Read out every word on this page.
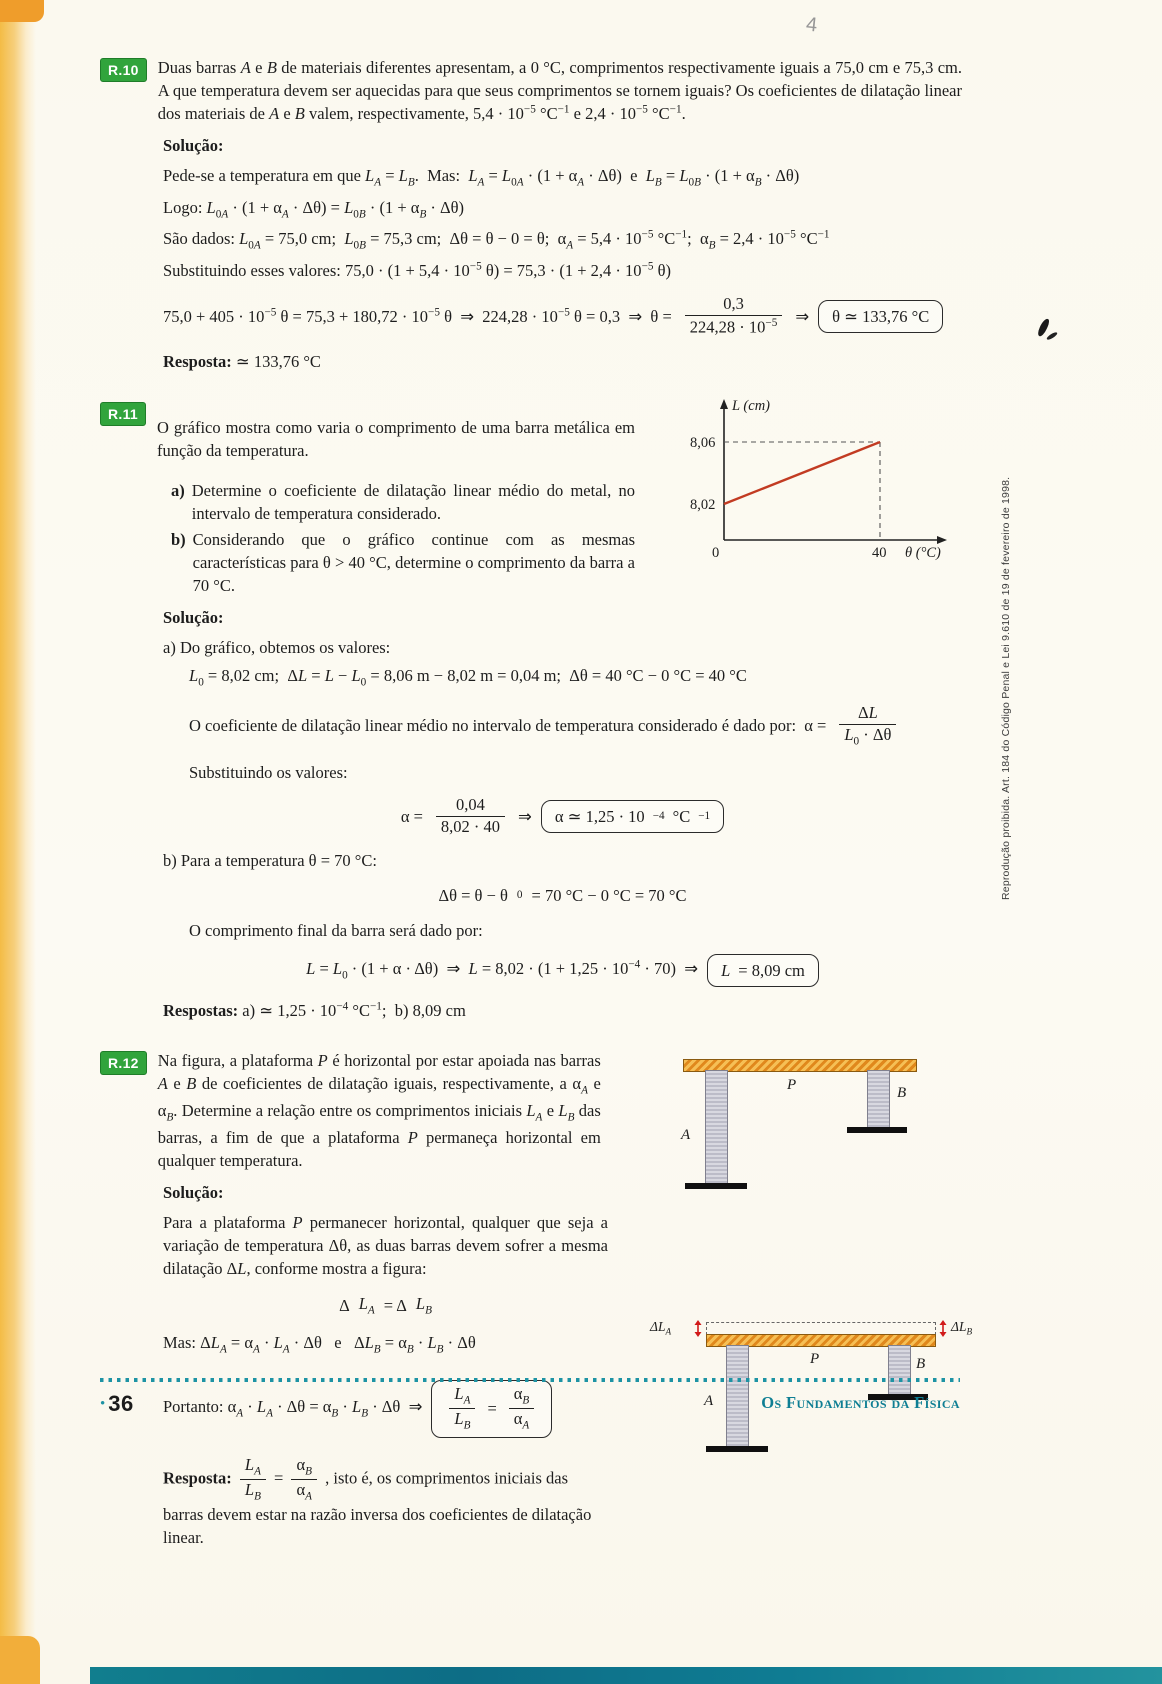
4
R.10	Duas barras A e B de materiais diferentes apresentam, a 0 °C, comprimentos respectivamente iguais a 75,0 cm e 75,3 cm. A que temperatura devem ser aquecidas para que seus comprimentos se tornem iguais? Os coeficientes de dilatação linear dos materiais de A e B valem, respectivamente, $5,4 \cdot 10^{-5}$ $^\circ C^{-1}$ e $2,4 \cdot 10^{-5}$ $^\circ C^{-1}$.

Solução:

Pede-se a temperatura em que $L_A = L_B$.  Mas:  $L_A = L_{0A} \cdot (1 + \alpha_A \cdot \Delta\theta)$  e  $L_B = L_{0B} \cdot (1 + \alpha_B \cdot \Delta\theta)$

Logo: $L_{0A} \cdot (1 + \alpha_A \cdot \Delta\theta) = L_{0B} \cdot (1 + \alpha_B \cdot \Delta\theta)$

São dados: $L_{0A} = 75,0$ cm;  $L_{0B} = 75,3$ cm;  Δθ = θ − 0 = θ;  $\alpha_A = 5,4 \cdot 10^{-5}$ $^\circ C^{-1}$;  $\alpha_B = 2,4 \cdot 10^{-5}$ $^\circ C^{-1}$

Substituindo esses valores: $75,0 \cdot (1 + 5,4 \cdot 10^{-5}$ $\theta) = 75,3 \cdot (1 + 2,4 \cdot 10^{-5}$ θ)

$75,0 + 405 \cdot 10^{-5}$ $\theta = 75,3 + 180,72 \cdot 10^{-5}$ θ  ⇒  $224,28 \cdot 10^{-5}$ θ = 0,3  ⇒  $\theta = \frac{0,3}{224,28 \cdot 10^{-5}}$ ⇒	θ ≃ 133,76 °C

Resposta: ≃ 133,76 °C

R.11

O gráfico mostra como varia o comprimento de uma barra metálica em função da temperatura.

a) Determine o coeficiente de dilatação linear médio do metal, no intervalo de temperatura considerado.
b) Considerando que o gráfico continue com as mesmas características para θ > 40 °C, determine o comprimento da barra a 70 °C.
L (cm)
8,06
8,02
0	40 θ (°C)

Solução:

a) Do gráfico, obtemos os valores:

$L_0 = 8,02$ cm;  $\Delta L = L - L_0 = 8,06$ m − 8,02 m = 0,04 m;  Δθ = 40 °C − 0 °C = 40 °C

O coeficiente de dilatação linear médio no intervalo de temperatura considerado é dado por:  $\alpha = \frac{\Delta L}{L_0 \cdot \Delta\theta}$

Substituindo os valores:

$\alpha = \frac{0,04}{8,02 \cdot 40}$ ⇒	α ≃ 1,25 · 10 −4 °C −1

b) Para a temperatura θ = 70 °C:

Δθ = θ − θ 0 = 70 °C − 0 °C = 70 °C

O comprimento final da barra será dado por:

$L = L_0 \cdot (1 + \alpha \cdot \Delta\theta)$  ⇒  $L = 8,02 \cdot (1 + 1,25 \cdot 10^{-4} \cdot 70)$  ⇒ L = 8,09 cm

Respostas: a) ≃ $1,25 \cdot 10^{-4}$ $^\circ C^{-1}$;  b) 8,09 cm

R.12	Na figura, a plataforma P é horizontal por estar apoiada nas barras A e B de coeficientes de dilatação iguais, respectivamente, a $\alpha_A$ e $\alpha_B$. Determine a relação entre os comprimentos iniciais $L_A$ e $L_B$ das barras, a fim de que a plataforma P permaneça horizontal em qualquer temperatura.
P
A
B
$\Delta L_A$	$\Delta L_B$
P
A
B

Solução:

Para a plataforma P permanecer horizontal, qualquer que seja a variação de temperatura Δθ, as duas barras devem sofrer a mesma dilatação ΔL, conforme mostra a figura:

Δ $L_A = \Delta$ $L_B$

Mas: $\Delta L_A = \alpha_A \cdot L_A \cdot \Delta\theta$   e   $\Delta L_B = \alpha_B \cdot L_B \cdot \Delta\theta$

Portanto: $\alpha_A \cdot L_A \cdot \Delta\theta = \alpha_B \cdot L_B \cdot \Delta\theta$  ⇒ $\frac{L_A}{L_B} = \frac{\alpha_B}{\alpha_A}$

Resposta: $\frac{L_A}{L_B} = \frac{\alpha_B}{\alpha_A}$ , isto é, os comprimentos iniciais das barras devem estar na razão inversa dos coeficientes de dilatação linear.

• 36	Os Fundamentos da Física
Reprodução proibida. Art. 184 do Código Penal e Lei 9.610 de 19 de fevereiro de 1998.
